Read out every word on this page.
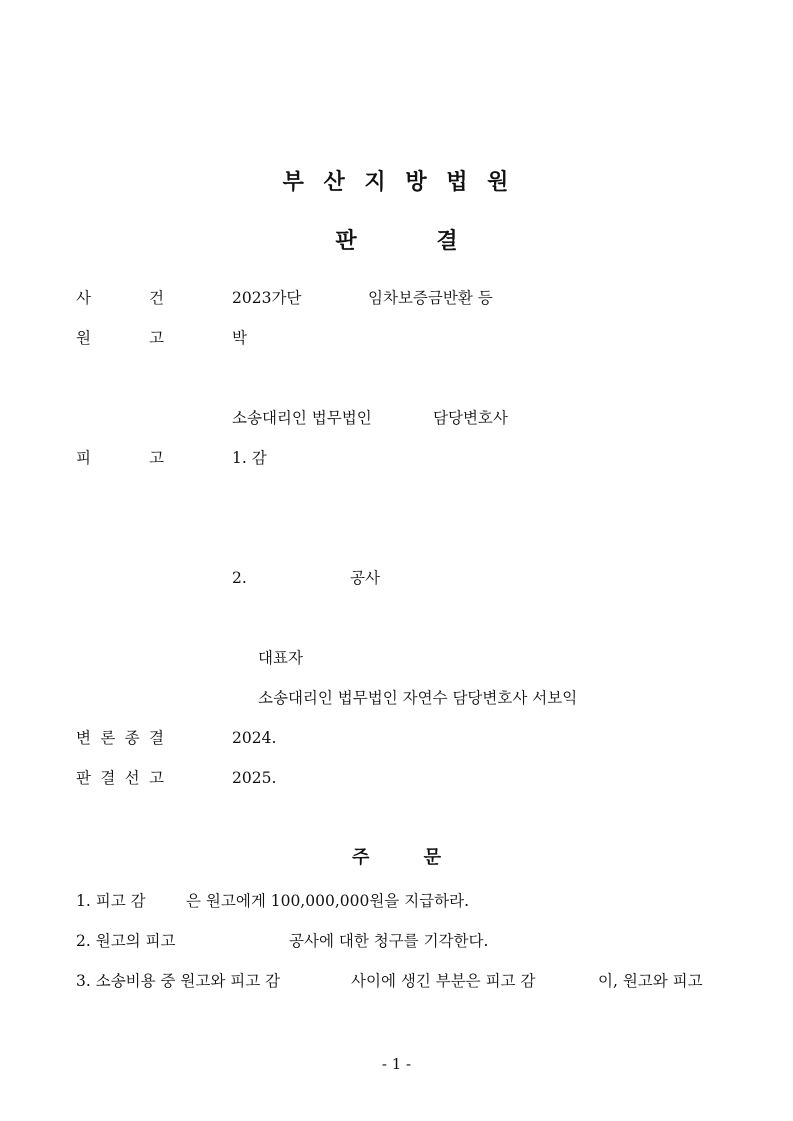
부 산 지 방 법 원
판 결
사	건	2023가단	임차보증금반환 등
원	고	박
소송대리인 법무법인	담당변호사
피	고	1. 감
2.	공사
대표자
소송대리인 법무법인 자연수 담당변호사 서보익
변 론 종 결	2024.
판 결 선 고	2025.
주 문
1. 피고 감	은 원고에게 100,000,000원을 지급하라.
2. 원고의 피고	공사에 대한 청구를 기각한다.
3. 소송비용 중 원고와 피고 감	사이에 생긴 부분은 피고 감	이, 원고와 피고
- 1 -
